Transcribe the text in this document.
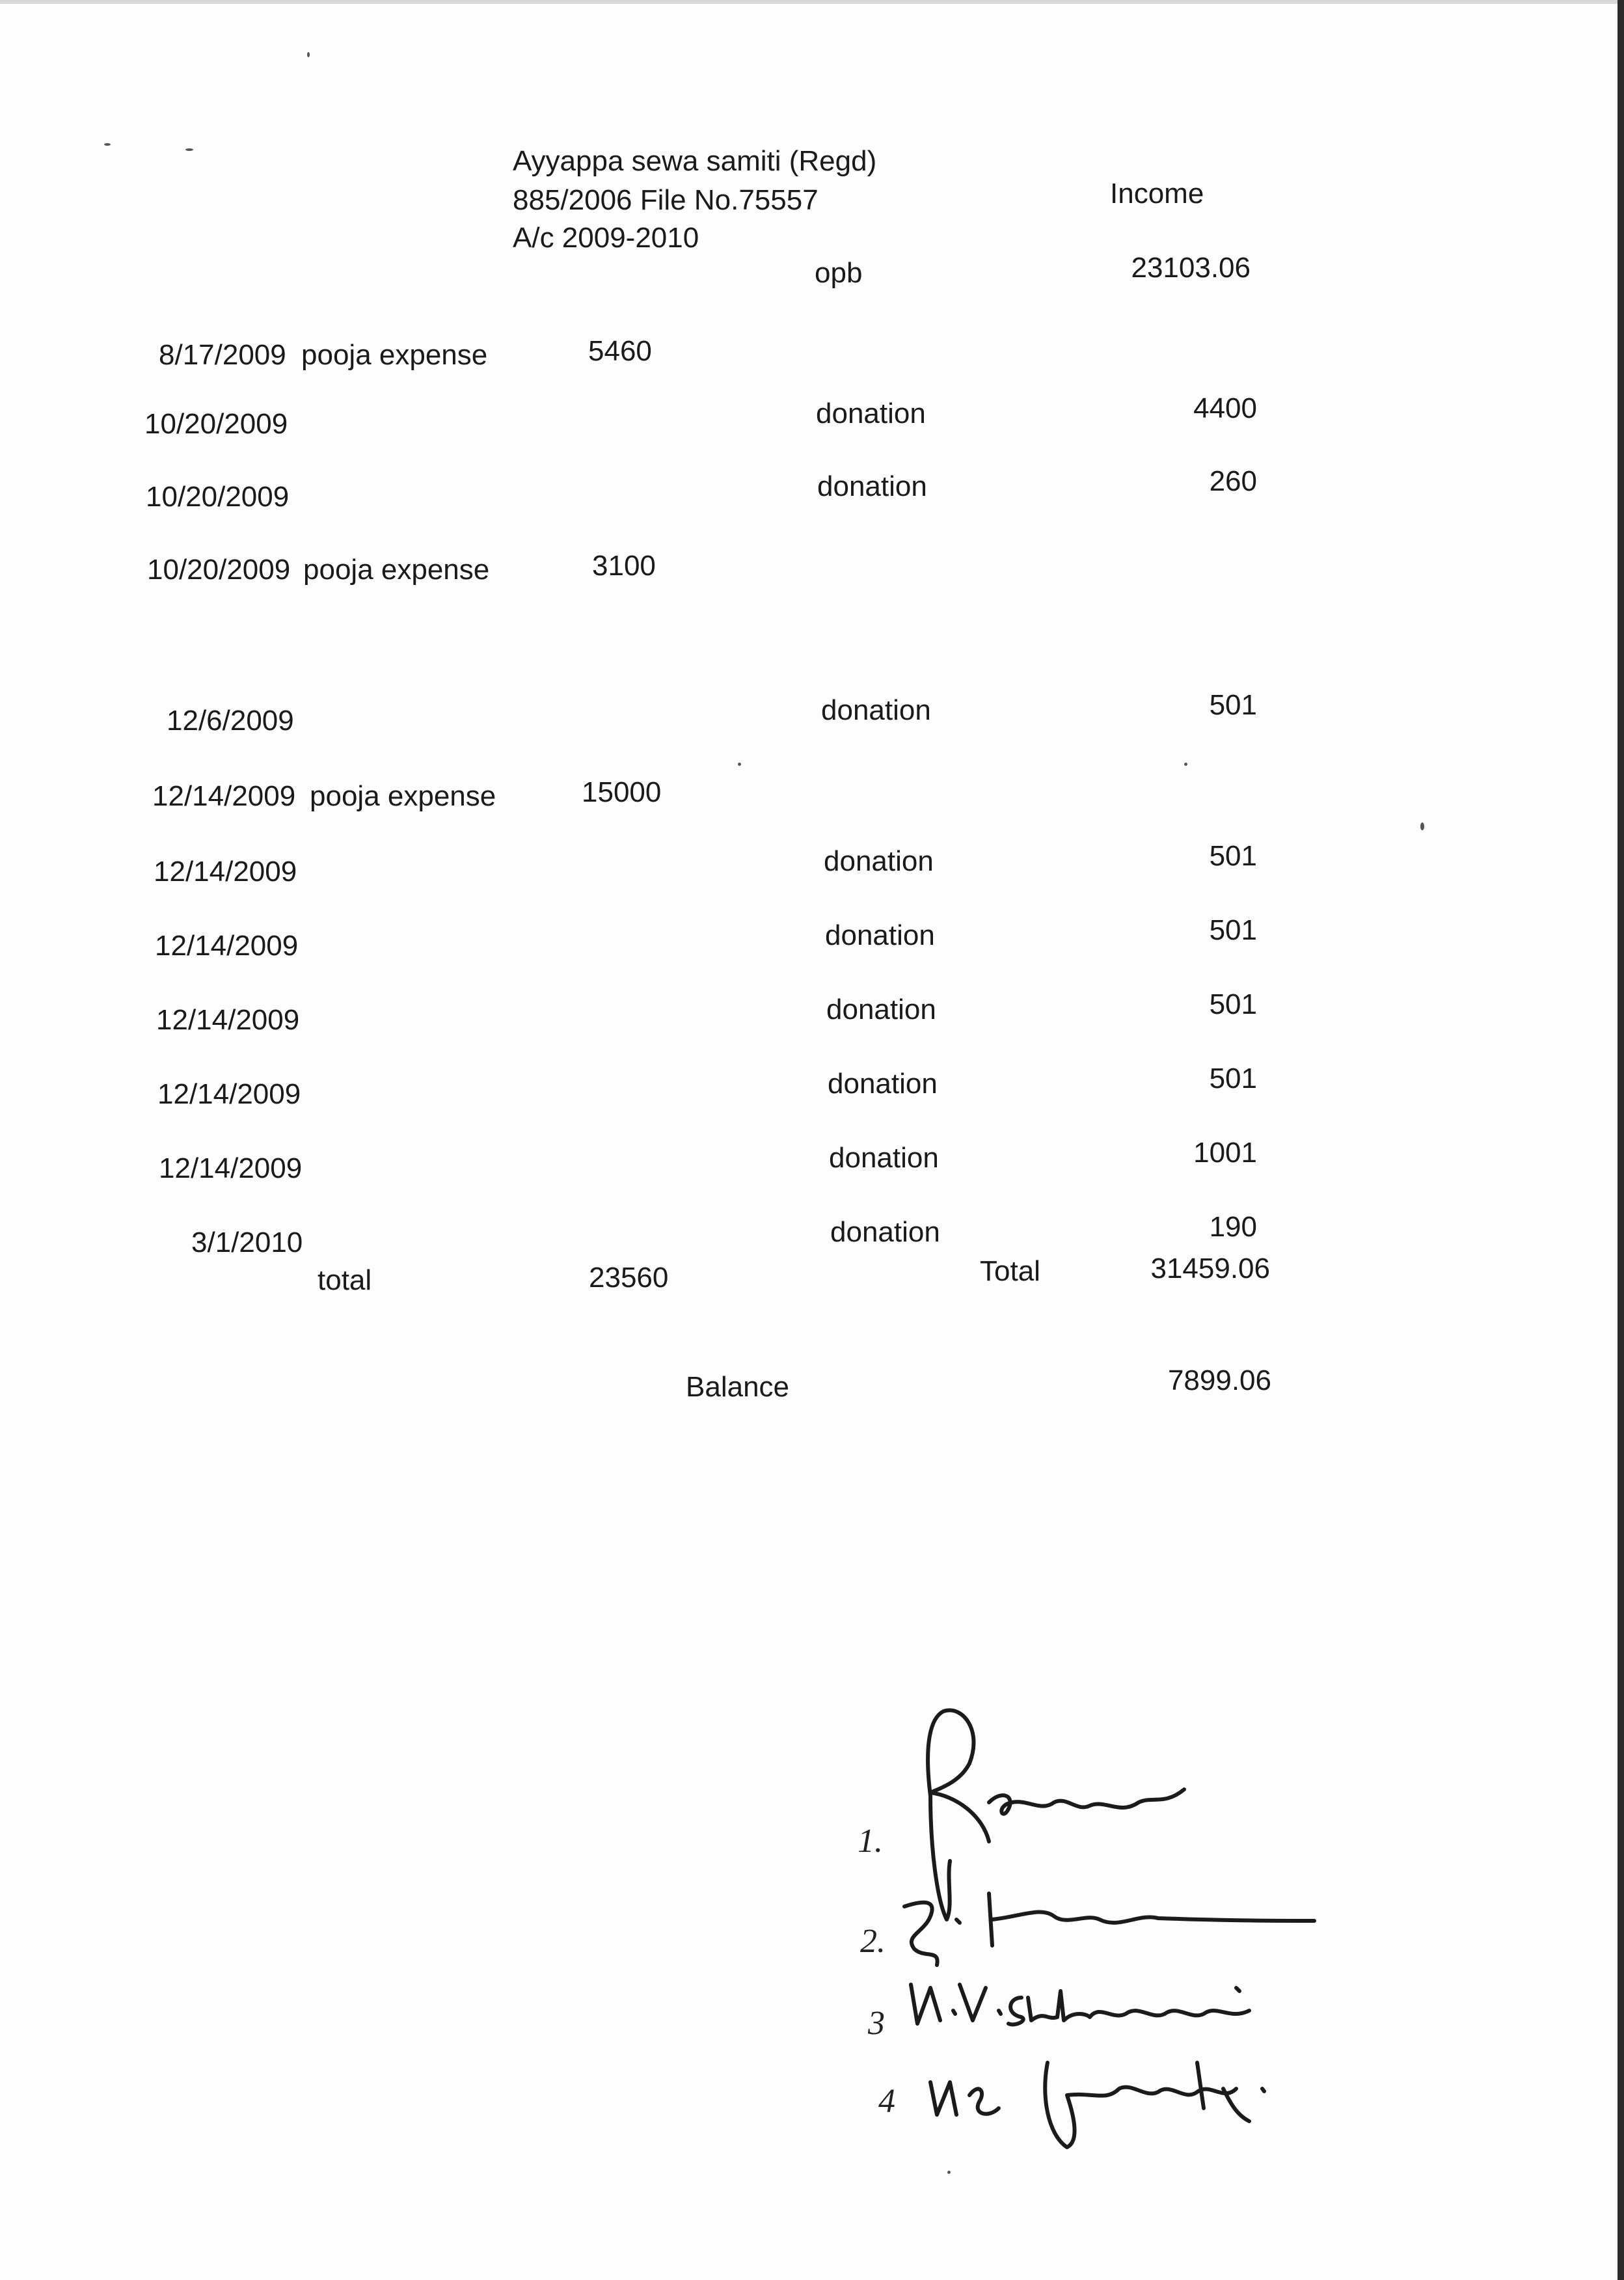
Ayyappa sewa samiti (Regd)
885/2006 File No.75557
A/c 2009-2010
Income
opb	23103.06
8/17/2009 pooja expense	5460
10/20/2009	donation	4400
10/20/2009	donation	260
10/20/2009 pooja expense	3100
12/6/2009	donation	501
12/14/2009 pooja expense	15000
12/14/2009	donation	501
12/14/2009	donation	501
12/14/2009	donation	501
12/14/2009	donation	501
12/14/2009	donation	1001
3/1/2010	donation	190
total	23560	Total	31459.06
Balance	7899.06
1.
2.
3
4
